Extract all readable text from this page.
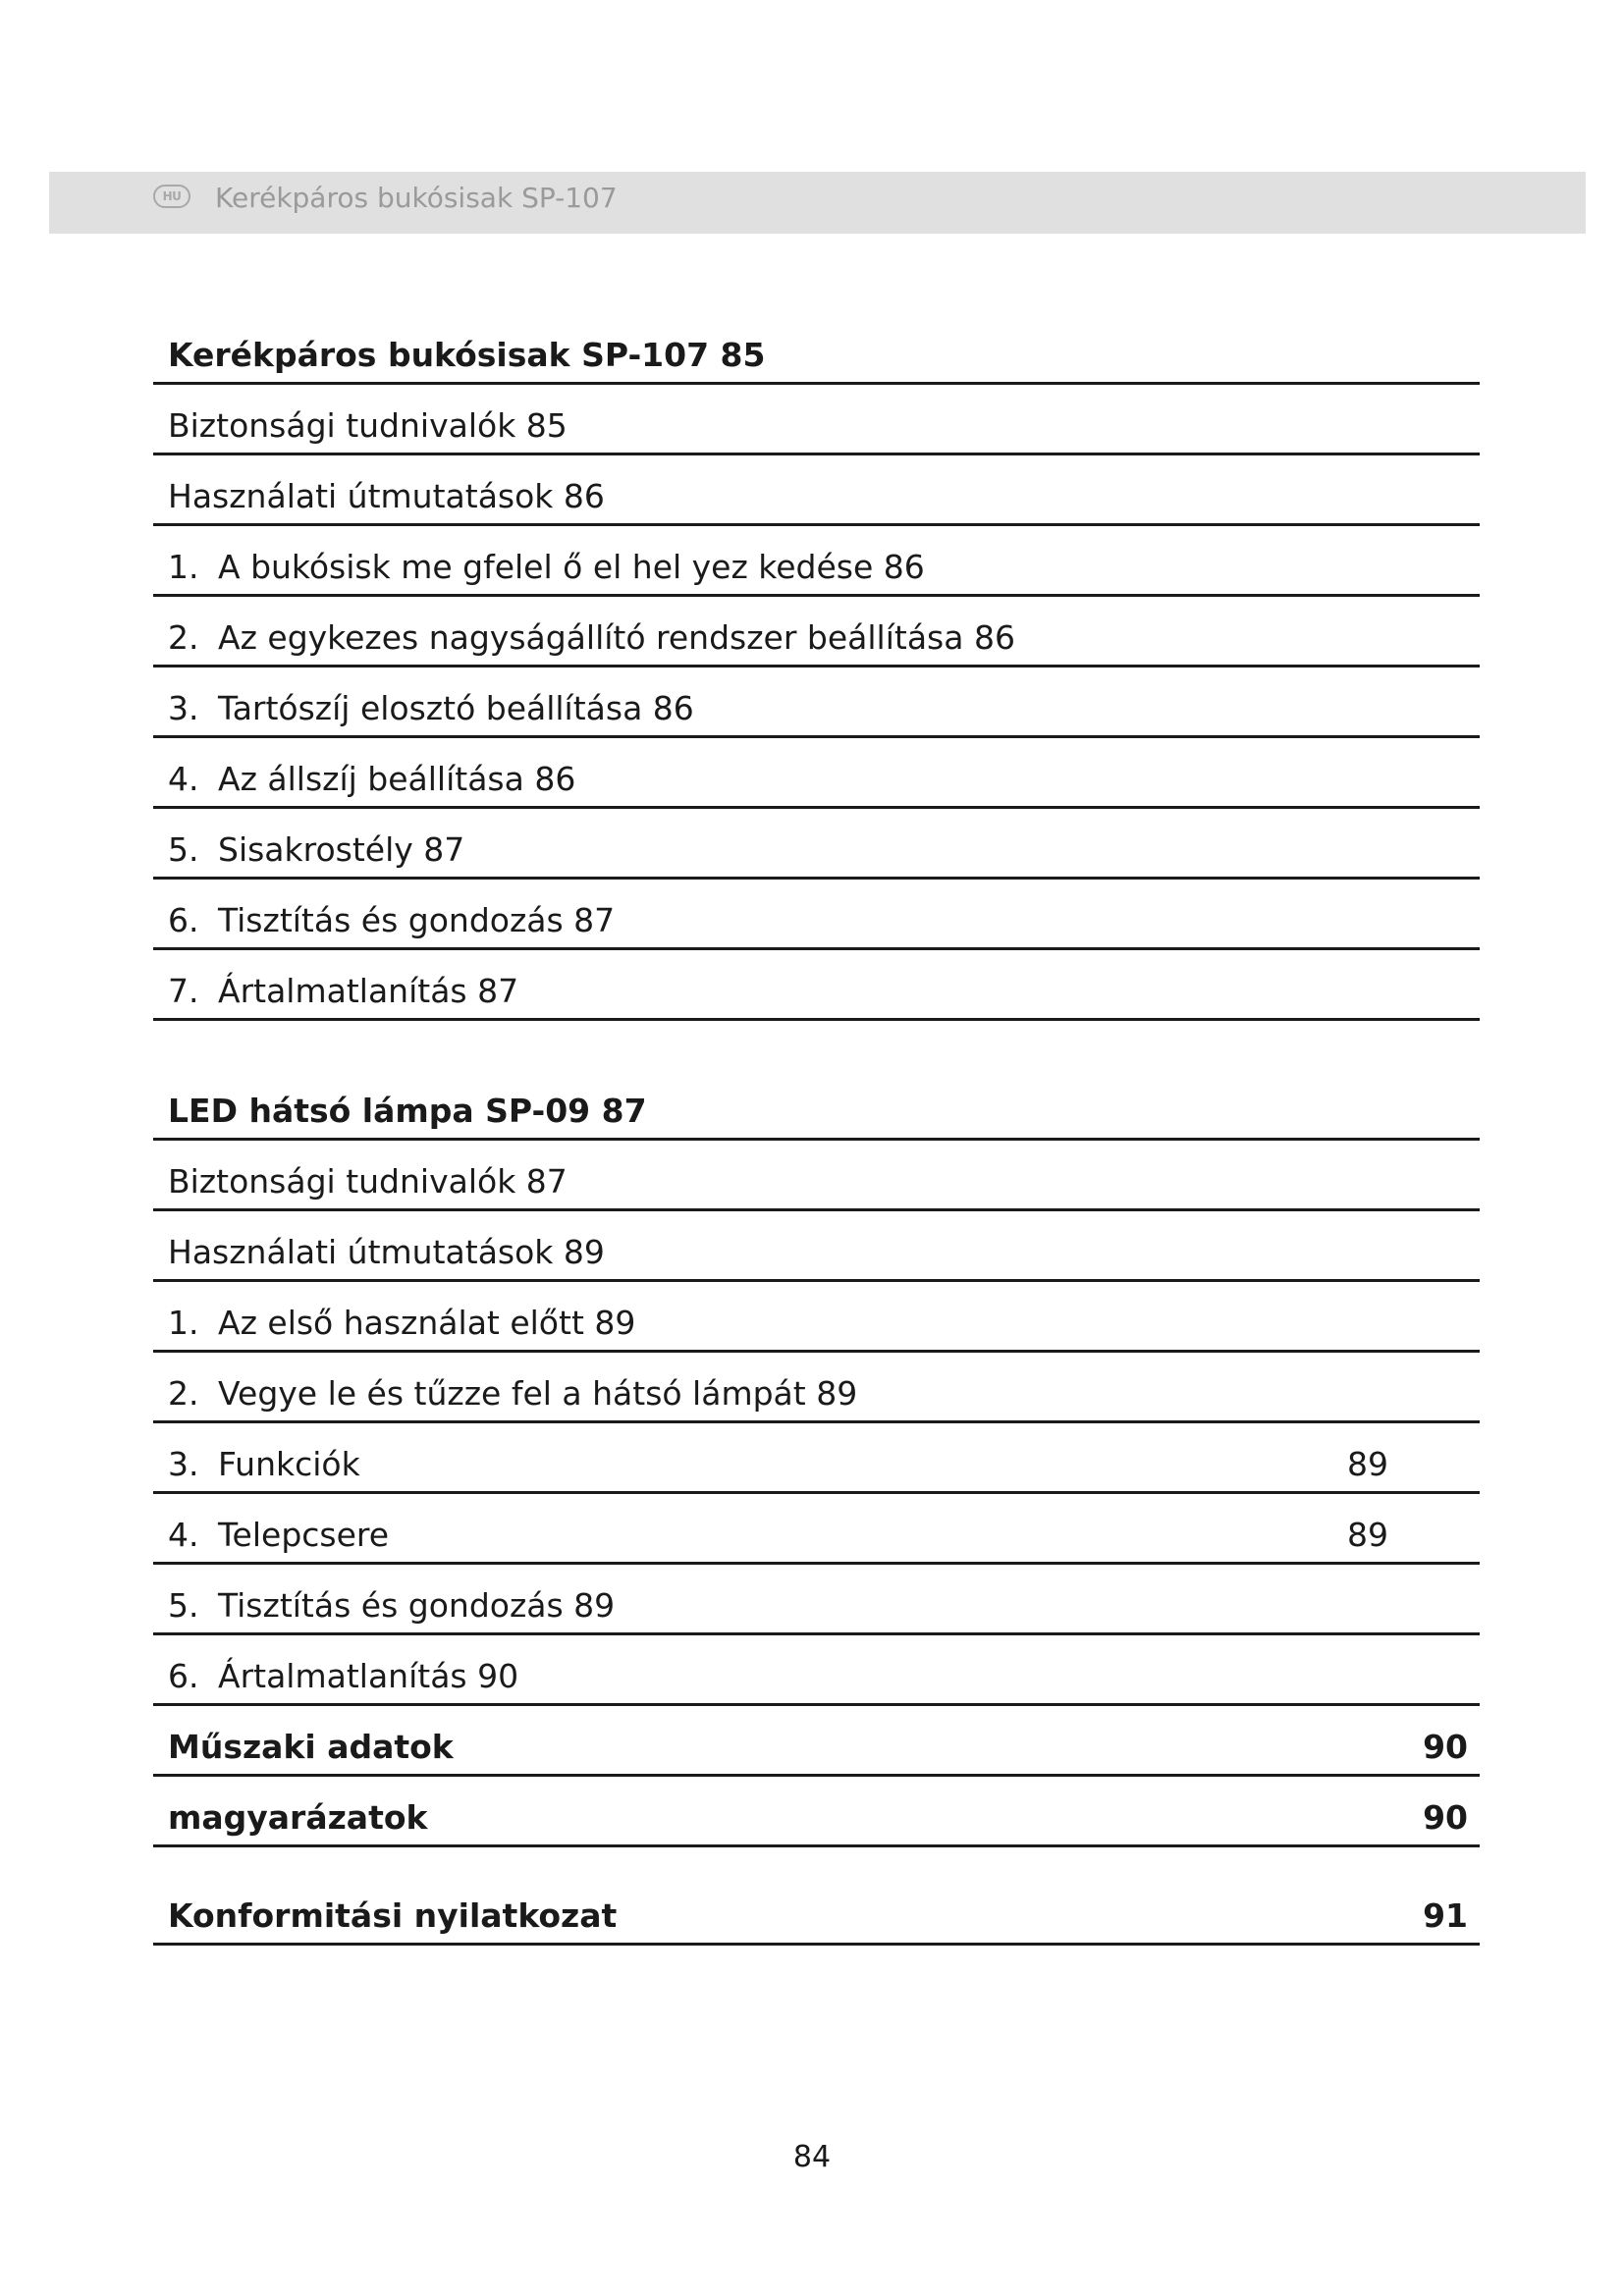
HU	Kerékpáros bukósisak SP-107
Kerékpáros bukósisak SP-107 85
Biztonsági tudnivalók 85
Használati útmutatások 86
1. A bukósisk me gfelel ő el hel yez kedése 86
2. Az egykezes nagyságállító rendszer beállítása 86
3. Tartószíj elosztó beállítása 86
4. Az állszíj beállítása 86
5. Sisakrostély 87
6. Tisztítás és gondozás 87
7. Ártalmatlanítás 87
LED hátsó lámpa SP-09 87
Biztonsági tudnivalók 87
Használati útmutatások 89
1. Az első használat előtt 89
2. Vegye le és tűzze fel a hátsó lámpát 89
3. Funkciók	89
4. Telepcsere	89
5. Tisztítás és gondozás 89
6. Ártalmatlanítás 90
Műszaki adatok	90
magyarázatok	90
Konformitási nyilatkozat	91
84
